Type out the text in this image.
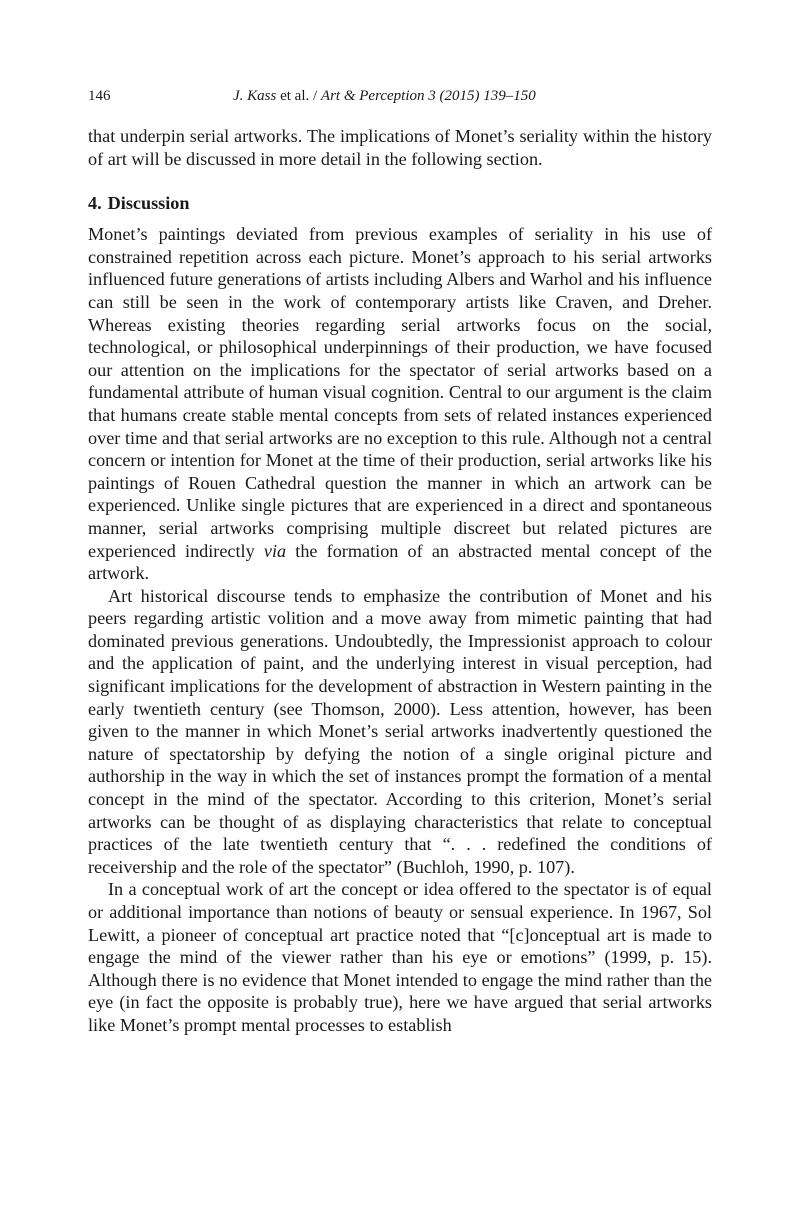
146	J. Kass et al. / Art & Perception 3 (2015) 139–150

that underpin serial artworks. The implications of Monet’s seriality within the history of art will be discussed in more detail in the following section.

4. Discussion

Monet’s paintings deviated from previous examples of seriality in his use of constrained repetition across each picture. Monet’s approach to his serial artworks influenced future generations of artists including Albers and Warhol and his influence can still be seen in the work of contemporary artists like Craven, and Dreher. Whereas existing theories regarding serial artworks focus on the social, technological, or philosophical underpinnings of their production, we have focused our attention on the implications for the spectator of serial artworks based on a fundamental attribute of human visual cognition. Central to our argument is the claim that humans create stable mental concepts from sets of related instances experienced over time and that serial artworks are no exception to this rule. Although not a central concern or intention for Monet at the time of their production, serial artworks like his paintings of Rouen Cathedral question the manner in which an artwork can be experienced. Unlike single pictures that are experienced in a direct and spontaneous manner, serial artworks comprising multiple discreet but related pictures are experienced indirectly via the formation of an abstracted mental concept of the artwork.

Art historical discourse tends to emphasize the contribution of Monet and his peers regarding artistic volition and a move away from mimetic painting that had dominated previous generations. Undoubtedly, the Impressionist approach to colour and the application of paint, and the underlying interest in visual perception, had significant implications for the development of abstraction in Western painting in the early twentieth century (see Thomson, 2000). Less attention, however, has been given to the manner in which Monet’s serial artworks inadvertently questioned the nature of spectatorship by defying the notion of a single original picture and authorship in the way in which the set of instances prompt the formation of a mental concept in the mind of the spectator. According to this criterion, Monet’s serial artworks can be thought of as displaying characteristics that relate to conceptual practices of the late twentieth century that “. . . redefined the conditions of receivership and the role of the spectator” (Buchloh, 1990, p. 107).

In a conceptual work of art the concept or idea offered to the spectator is of equal or additional importance than notions of beauty or sensual experience. In 1967, Sol Lewitt, a pioneer of conceptual art practice noted that “[c]onceptual art is made to engage the mind of the viewer rather than his eye or emotions” (1999, p. 15). Although there is no evidence that Monet intended to engage the mind rather than the eye (in fact the opposite is probably true), here we have argued that serial artworks like Monet’s prompt mental processes to establish
